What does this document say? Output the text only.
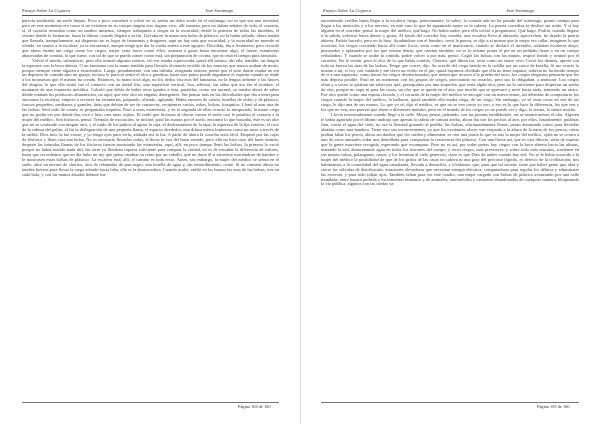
Ensayo Sobre La Ceguera	José Saramago

parecía sembrado, un suelo limpio. Poco a poco comenzó a volver en sí, sentía un dolor sordo en el estómago, no es que sea una novedad, pero en este momento era como si no existiese en su cuerpo ningún otro órgano vivo, allí estarían, pero no daban señales de vida, el corazón, sí, el corazón resonaba como un tambor inmenso, siempre trabajando a ciegas en la oscuridad, desde la primera de todas las tinieblas, el vientre donde lo formaron, hasta la última, cuando llegará a su fin. Llevaba en la mano una bolsa de plástico, no la había soltado, ahora tendrá que llenarla, tranquilamente, así dispuesto no es lugar de fantasmas y dragones, aquí no hay más que oscuridad, y la oscuridad no muerde ni ofende, en cuanto a la escalera, ya la encontraré, aunque tenga que dar la vuelta entera a este agujero. Decidida, iba a levantarse, pero recordó que ahora estaba tan ciega como los ciegos, mejor sería hacer como ellos, avanzar a gatas hasta encontrar algo, el frente, estanterías abarrotadas de comida, lo que fuese, con tal de que se pueda comer como está, sin preparación de cocina, que no está el tiempo para fantasías.

Volvió el miedo, subrepticio, pero ella avanzó algunos metros, vió ver estaba equivocada, quizá allí mismo, ahí ella, temible, un dragón la esperase con la boca abierta. O un fantasma con la mano tendida para llevarla al mundo terrible de los muertos que nunca acaban de morir, porque siempre viene alguien a resucitarlos. Luego, pesadamente, con una infinita, resignada tristeza, pensó que el sitio donde estaba no era un depósito de comida sino un garaje, incluso le pareció sentir el olor a gasolina, hasta este punto puede engañarse el espíritu cuando se rinde a los monstruos que él mismo ha creado. Entonces, su mano tocó algo, no los dedos viscosos del fantasma, no la lengua ardiente y las fauces del dragón, lo que ella sintió fue el contacto con un metal frío, una superficie vertical, lisa, adivinó, sin saber que era ése el nombre, el montante de una estantería metálica. Calculó que debía de haber otras iguales a ésta, paralelas, como era normal, se trataba ahora de saber dónde estaban los productos alimenticios, no aquí, que este olor no engaña, detergentes. Sin pensar más en las dificultades que iba a tener para encontrar la escalera, empezó a recorrer las estanterías, palpando, oliendo, agitando. Había envases de cartón, botellas de vidrio y de plástico, frascos pequeños, medianos y grandes, latas que debían de ser de conservas, recipientes varios, tubos, bolsas, frasquitos. Llenó al azar una de las bolsas. Será todo de comer, se preguntaba inquieta. Pasó a otras estanterías, y en la segunda de ellas ocurrió lo inesperado, la mano ciega que no podía ver por dónde iba, tocó e hizo caer unas cajitas. El ruido que hicieron al chocar contra el suelo casi le paraliza el corazón a la mujer del médico. Son fósforos, pensó. Trémula de excitación, se inclinó, pasó las manos por el suelo, encontró lo que buscaba, éste es un olor que no se confunde con ningún otro, y el ruido de los palitos al agitar la caja, el deslizamiento de la tapa, la aspereza de la lija exterior, el roce de la cabeza del palito, al fin la deflagración de una pequeña llama, el espacio alrededor, una difusa esfera luminosa como un astro a través de la niebla. Dios mío, la luz existe, y yo tengo ojos para verla, alabada sea la luz. A partir de ahora la cosecha sería fácil. Empezó por las cajas de fósforos y llenó casi una bolsa. No es necesario llevarlas todas, le decía la voz del buen sentido, pero ella no hizo caso del buen sentido, después las trémulas llamas de los fósforos fueron mostrando las estanterías, aquí, allí, en poco tiempo llenó las bolsas, la primera la vació porque no había metido nada útil, las otras ya llevaban riqueza suficiente para comprar la ciudad, no es de extrañar la diferencia de valores, basta que recordemos que un día hubo un rey que quiso cambiar su reino por un caballo, qué no daría él si estuviese muriéndose de hambre y le mostrasen estas bolsas de plástico. La escalera está, allí, el camino es todo recto. Antes, sin embargo, la mujer del médico se sienta en el suelo, abre un envase de chorizo, otro de rebanadas de pan negro, una botella de agua y, sin remordimiento, come. Si no comiese ahora no tendría fuerzas para llevar la carga adonde hacía falta, ella es la abastecedora. Cuando acabó, enfiló en los brazos las asas de las bolsas, tres en cada lado, y con las manos alzadas delante fue

Página 104 de 160
Ensayo Sobre La Ceguera	José Saramago

encontrando cerillas hasta llegar a la escalera, luego, penosamente, la subió, la comida aún no ha pasado del estómago, pronto tiempo para llegar a los músculos y a los nervios, en este caso lo que ha aguantado mejor es la cabeza. La puerta corrediza se deslizó sin ruido. Y si hay alguien en el corredor, pensó la mujer del médico, qué hago. No había nadie, pero ella volvió a preguntarse, Qué hago. Podría, cuando llegase a la salida, volverse hacia dentro y gritar, Al fondo del corredor hay comida, una escalera lleva al almacén, aprovechen, he dejado la puerta abierta. Podría hacerlo, pero no lo hizo. Ayudándose con el hombro, cerró la puerta, se dijo a sí misma que lo mejor era callar, imaginen lo que ocurriría, los ciegos corriendo hacia allí como locos, sería como en el manicomio, cuando se declaró el incendio, rodarían escaleras abajo, pisoteados y aplastados por los que venían detrás, que caerían también, no es lo mismo poner el pie en un peldaño firme o en un cuerpo resbaladizo. Y cuando se acabe la comida, podré volver a por más, pensó. Cogió las bolsas con las manos, respiró hondo y avanzó por el corredor. No la verían, pero el olor de lo que había comido, Chorizo, qué idiota fui, sería como un rastro vivo. Cerró los dientes, apretó con toda su fuerza las asas de las bolsas, Tengo que correr, dijo. Se acordó del ciego herido en la rodilla por un casco de botella, Si me ocurre lo mismo a mí, si voy con cuidado y me clavo un vidrio en el pie, quizá hayamos olvidado que ella no tiene zapatos, todavía no ha tenido tiempo de ir a una zapatería, como hacen los ciegos desafortunados, que tienen que recurrir a la prueba del tacto, los ciegos elegantes pensarán que los más deprisa posible. Pasó en un momento con los grupos de ciegos, procurando no rozarlos, pero sus la obligaban, a aminorar. Los ciegos olían y a veces se giraban sin saber por qué, perseguidos por una sospecha, que sería algún olor, pero no lo suficiente para despertar un sueño de olor, porque no supo ni para las cosas, un olor que se queda en el aire, por mucho que se apresuró y miró hacia atrás, temiendo un rastro. Ese olor quedó como una espina clavada, y el corazón de la mujer del médico se encogió con un nuevo temor, así deberían de comportarse los ciegos cuando la mujer del médico, la hallaron, quizá también ella estaba ciega, de un ciego. Sin embargo, yo sé estas cosas en vez de ser ciego, le dijo una de sus manos. Lo que yo sé, dijo el médico, es que no se ven como yo veo, y eso es lo que hace la diferencia, los que ven y los que no ven, son puertas que abren a diferentes mundos, pero en el mundo de los ciegos yo no puedo ver y digo, lo siento, lo siento mucho.

Llovía torrencialmente cuando llegó a la calle. Mejor, pensó, jadeando, con las piernas temblándole, así se sentirá menos el olor. Alguien le había agarrado por el último andrajo que apenas la cubría de cintura arriba, ahora iba con los pechos al aire, por ellos, lustralmente, pulabras fina, corría el agua del cielo, no era la libertad guiando al pueblo, las bolsas, afortunadamente llenas, pesan demasiado como para llevarlas alzadas como una bandera. Tiene esto sus inconvenientes, ya que los excitantes olores van viajando a la altura de la nariz de los perros, cómo podían faltar los perros, ahora sin dueños que los cuiden y alimenten, es casi una jauría lo que va tras la mujer del médico, ojalá no se ocurra a uno de estos animales ordar una dentellada para comprobar la resistencia del plástico. Con una lluvia así, que es casi diluvio, sería de esperar que la gente estuviese recogida, esperando que escampase. Pero no es así, por todas partes hay ciegos con la boca abierta hacia las alturas, matando la sed, almacenando agua en todos los rincones del cuerpo, y otros ciegos, más previsores, y sobre todo más sensatos, sostienen en sus manos cubos, palanganas, cazos, y los levantan al cielo generoso, claro es que Dios da nubes cuando hay sed. No se le había ocurrido a la mujer del médico la posibilidad de que de los grifos de las casas no saliera ni una gota del precioso líquido, es defecto de la civilización, nos habituamos a la comodidad del agua canalizada, llevada a domicilio, y olvidamos que, para que tal suceda, tiene que haber gente que abra y cierre las válvulas de distribución, estaciones elevadoras que necesitan energía eléctrica, computadoras para regular los débitos y administrar las reservas, y para todo faltan ojos. También faltan para ver este cuadro, una mujer cargada con bolsas de plástico avanzando por una calle inundada, entre basura podrida y excrementos humanos y de animales, automóviles y camiones abandonados de cualquier manera, bloqueando la vía pública, algunos con las ruedas ya

Página 105 de 160
